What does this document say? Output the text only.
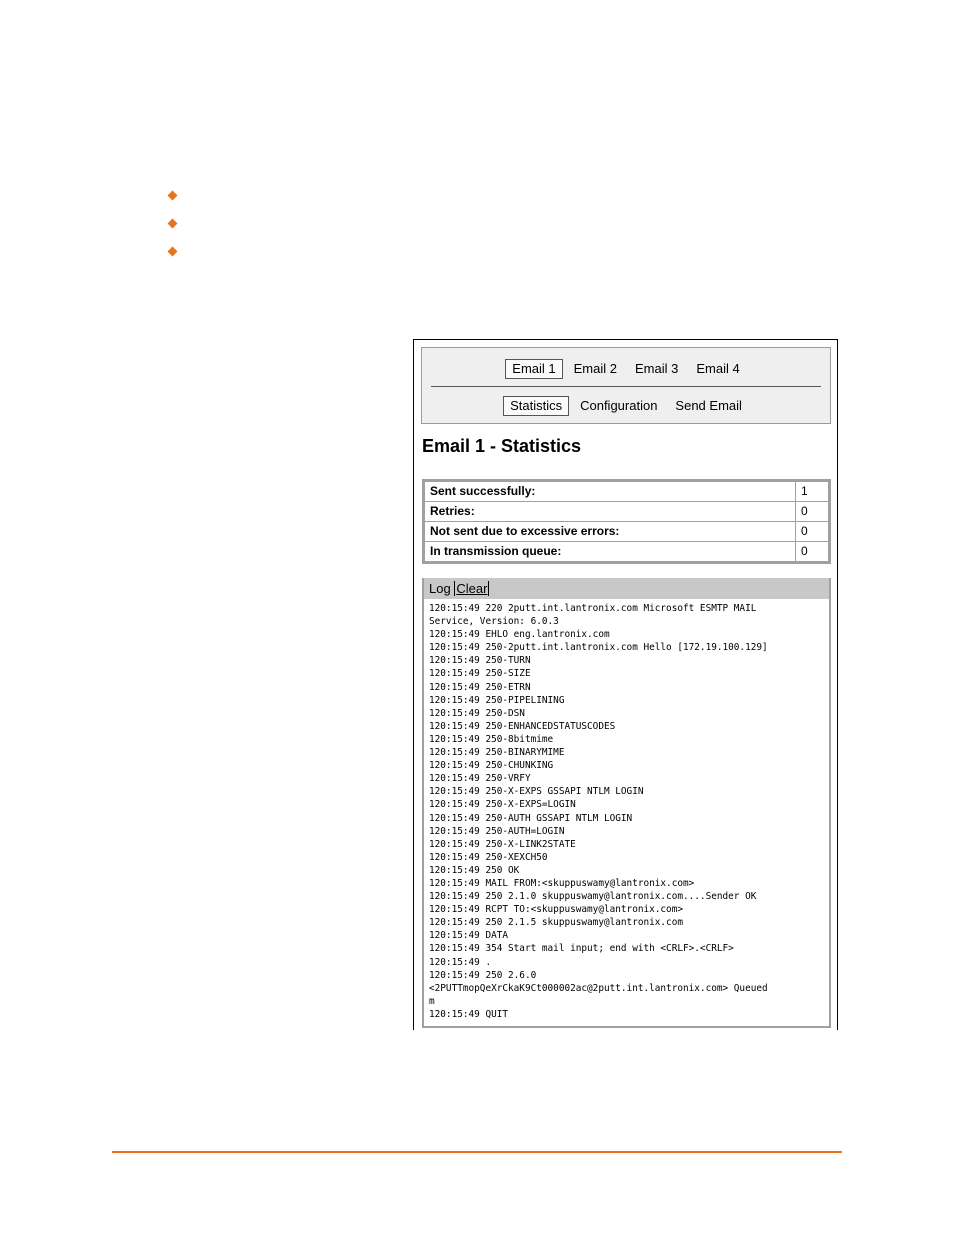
Email 1	Email 2	Email 3	Email 4
Statistics	Configuration	Send Email
Email 1 - Statistics
Sent successfully:	1
Retries:	0
Not sent due to excessive errors:	0
In transmission queue:	0
Log Clear
120:15:49 220 2putt.int.lantronix.com Microsoft ESMTP MAIL
Service, Version: 6.0.3
120:15:49 EHLO eng.lantronix.com
120:15:49 250-2putt.int.lantronix.com Hello [172.19.100.129]
120:15:49 250-TURN
120:15:49 250-SIZE
120:15:49 250-ETRN
120:15:49 250-PIPELINING
120:15:49 250-DSN
120:15:49 250-ENHANCEDSTATUSCODES
120:15:49 250-8bitmime
120:15:49 250-BINARYMIME
120:15:49 250-CHUNKING
120:15:49 250-VRFY
120:15:49 250-X-EXPS GSSAPI NTLM LOGIN
120:15:49 250-X-EXPS=LOGIN
120:15:49 250-AUTH GSSAPI NTLM LOGIN
120:15:49 250-AUTH=LOGIN
120:15:49 250-X-LINK2STATE
120:15:49 250-XEXCH50
120:15:49 250 OK
120:15:49 MAIL FROM:<skuppuswamy@lantronix.com>
120:15:49 250 2.1.0 skuppuswamy@lantronix.com....Sender OK
120:15:49 RCPT TO:<skuppuswamy@lantronix.com>
120:15:49 250 2.1.5 skuppuswamy@lantronix.com
120:15:49 DATA
120:15:49 354 Start mail input; end with <CRLF>.<CRLF>
120:15:49 .
120:15:49 250 2.6.0
<2PUTTmopQeXrCkaK9Ct000002ac@2putt.int.lantronix.com> Queued
m
120:15:49 QUIT
